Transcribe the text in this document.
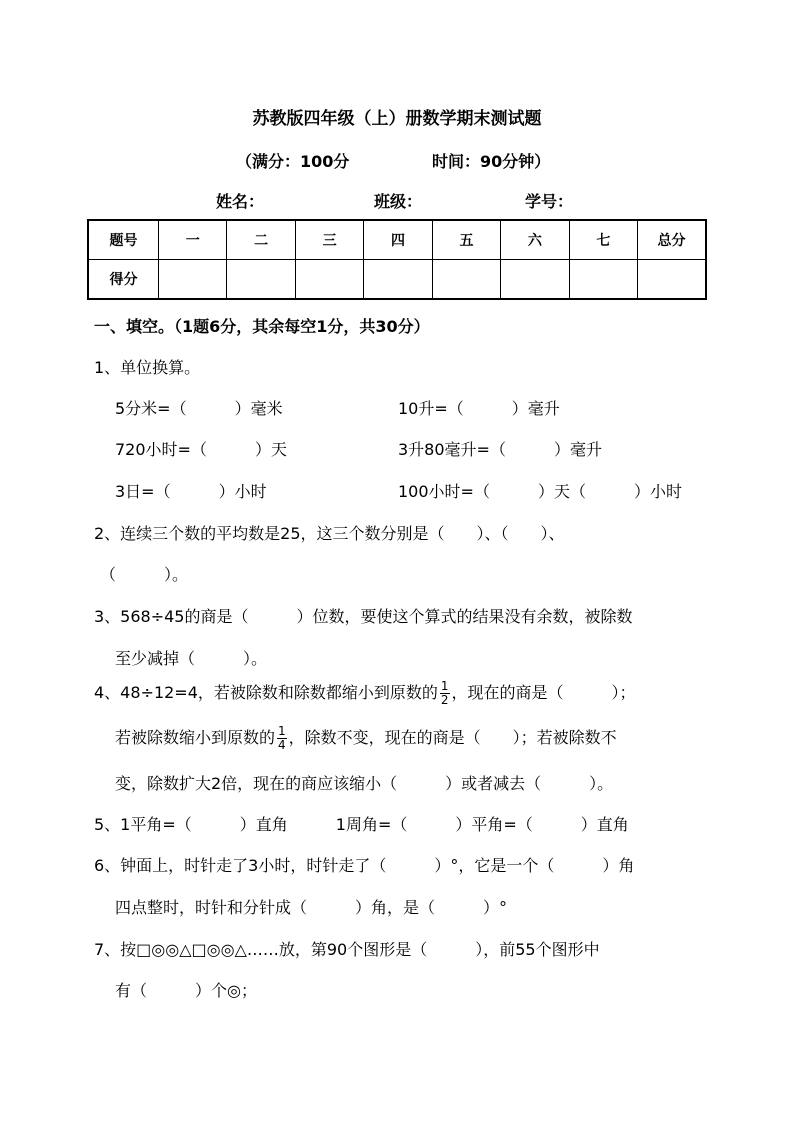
苏教版四年级（上）册数学期末测试题
（满分：100分	时间：90分钟）
姓名：	班级：	学号：
题号	一	二	三	四	五	六	七	总分
得分								
一、填空。（1题6分，其余每空1分，共30分）
1、单位换算。
5分米=（　　　）毫米	10升=（　　　）毫升
720小时=（　　　）天	3升80毫升=（　　　）毫升
3日=（　　　）小时	100小时=（　　　）天（　　　）小时
2、连续三个数的平均数是25，这三个数分别是（　　）、（　　）、
（　　　）。
3、568÷45的商是（　　　）位数，要使这个算式的结果没有余数，被除数
至少减掉（　　　）。
4、48÷12=4，若被除数和除数都缩小到原数的 $\frac{1}{2}$ ，现在的商是（　　　）；
若被除数缩小到原数的 $\frac{1}{4}$ ，除数不变，现在的商是（　　）；若被除数不
变，除数扩大2倍，现在的商应该缩小（　　　）或者减去（　　　）。
5、1平角=（　　　）直角　　　1周角=（　　　）平角=（　　　）直角
6、钟面上，时针走了3小时，时针走了（　　　）°，它是一个（　　　）角
四点整时，时针和分针成（　　　）角，是（　　　）°
7、按□◎◎△□◎◎△……放，第90个图形是（　　　），前55个图形中
有（　　　）个◎；
